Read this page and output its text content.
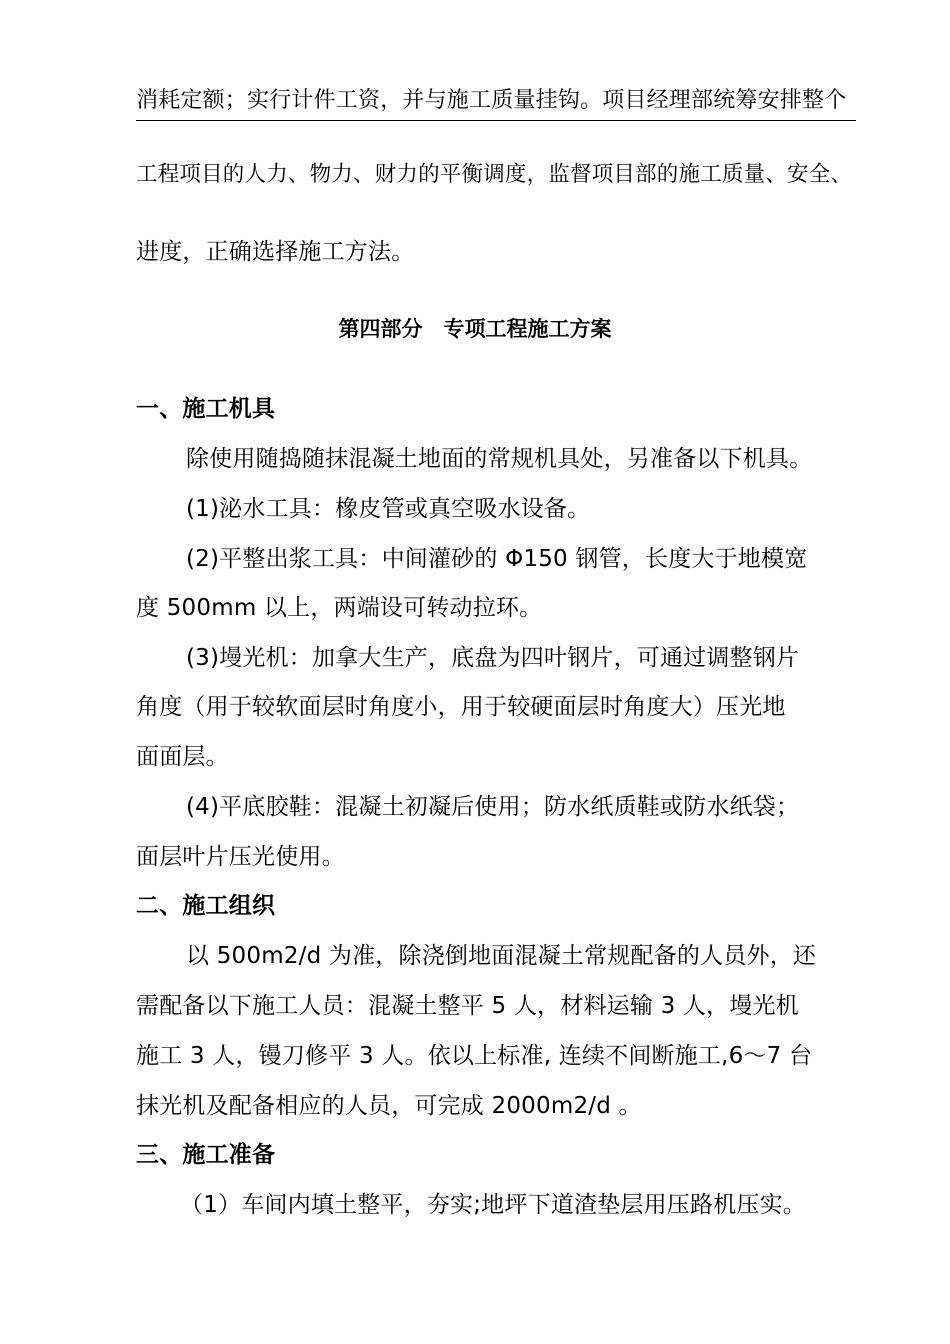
消耗定额；实行计件工资，并与施工质量挂钩。项目经理部统筹安排整个
工程项目的人力、物力、财力的平衡调度，监督项目部的施工质量、安全、
进度，正确选择施工方法。
第四部分　专项工程施工方案
一、施工机具
除使用随捣随抹混凝土地面的常规机具处，另准备以下机具。
(1)泌水工具：橡皮管或真空吸水设备。
(2)平整出浆工具：中间灌砂的 Φ150 钢管，长度大于地模宽
度 500mm 以上，两端设可转动拉环。
(3)墁光机：加拿大生产，底盘为四叶钢片，可通过调整钢片
角度（用于较软面层时角度小，用于较硬面层时角度大）压光地
面面层。
(4)平底胶鞋：混凝土初凝后使用；防水纸质鞋或防水纸袋；
面层叶片压光使用。
二、施工组织
以 500m2/d 为准，除浇倒地面混凝土常规配备的人员外，还
需配备以下施工人员：混凝土整平 5 人，材料运输 3 人，墁光机
施工 3 人，镘刀修平 3 人。依以上标准, 连续不间断施工,6～7 台
抹光机及配备相应的人员，可完成 2000m2/d 。
三、施工准备
（1）车间内填土整平，夯实;地坪下道渣垫层用压路机压实。
